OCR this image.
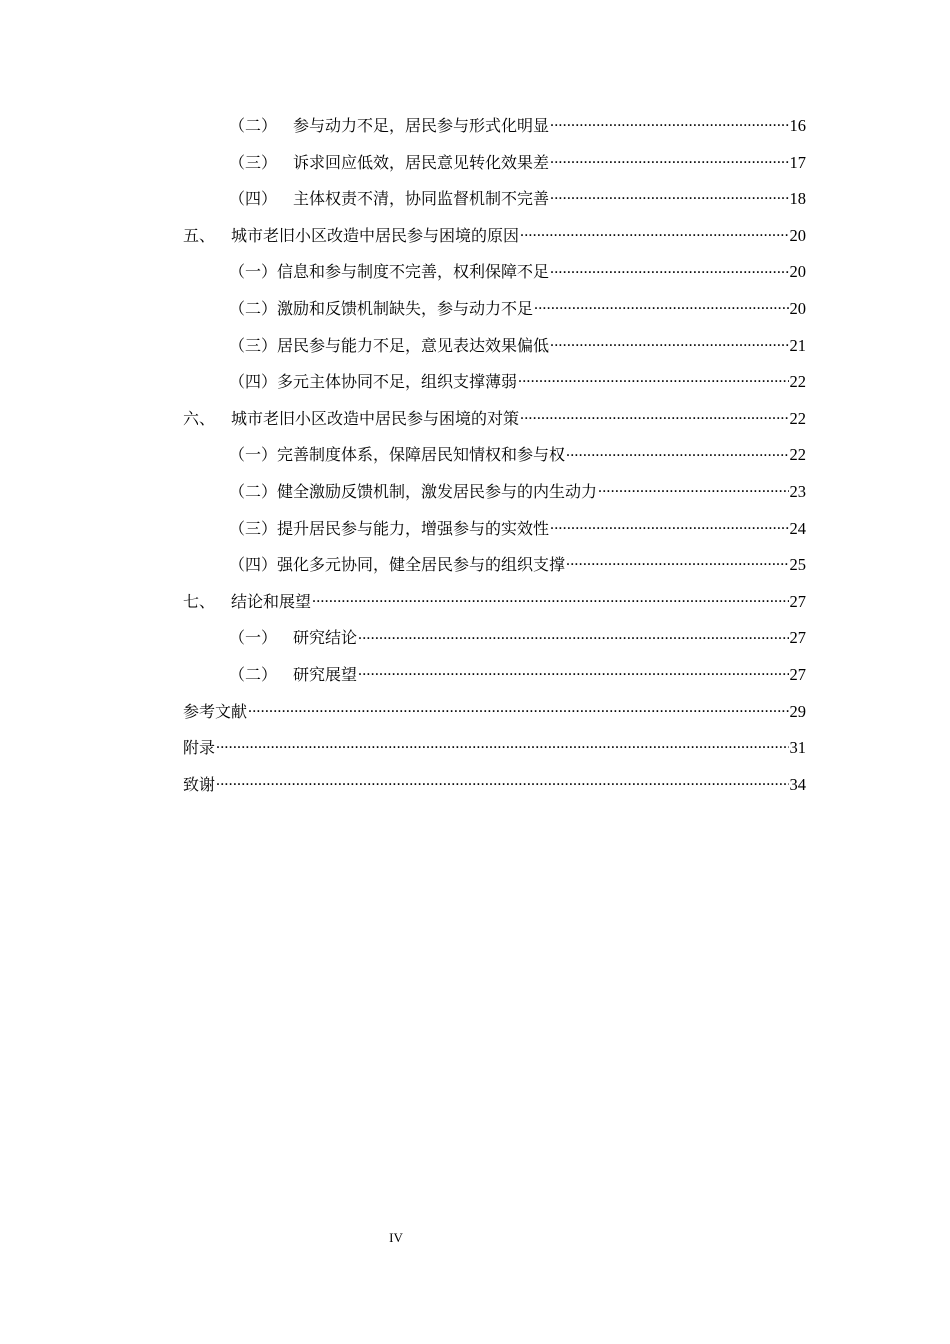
（二） 参与动力不足，居民参与形式化明显 .....	16
（三） 诉求回应低效，居民意见转化效果差 .....	17
（四） 主体权责不清，协同监督机制不完善 .....	18
五、 城市老旧小区改造中居民参与困境的原因 .....	20
（一） 信息和参与制度不完善，权利保障不足 .....	20
（二） 激励和反馈机制缺失，参与动力不足 .....	20
（三） 居民参与能力不足，意见表达效果偏低 .....	21
（四） 多元主体协同不足，组织支撑薄弱 .....	22
六、 城市老旧小区改造中居民参与困境的对策 .....	22
（一） 完善制度体系，保障居民知情权和参与权 .....	22
（二） 健全激励反馈机制，激发居民参与的内生动力 .....	23
（三） 提升居民参与能力，增强参与的实效性 .....	24
（四） 强化多元协同，健全居民参与的组织支撑 .....	25
七、 结论和展望 .....	27
（一） 研究结论 .....	27
（二） 研究展望 .....	27
参考文献 .....	29
附录 .....	31
致谢 .....	34
IV
